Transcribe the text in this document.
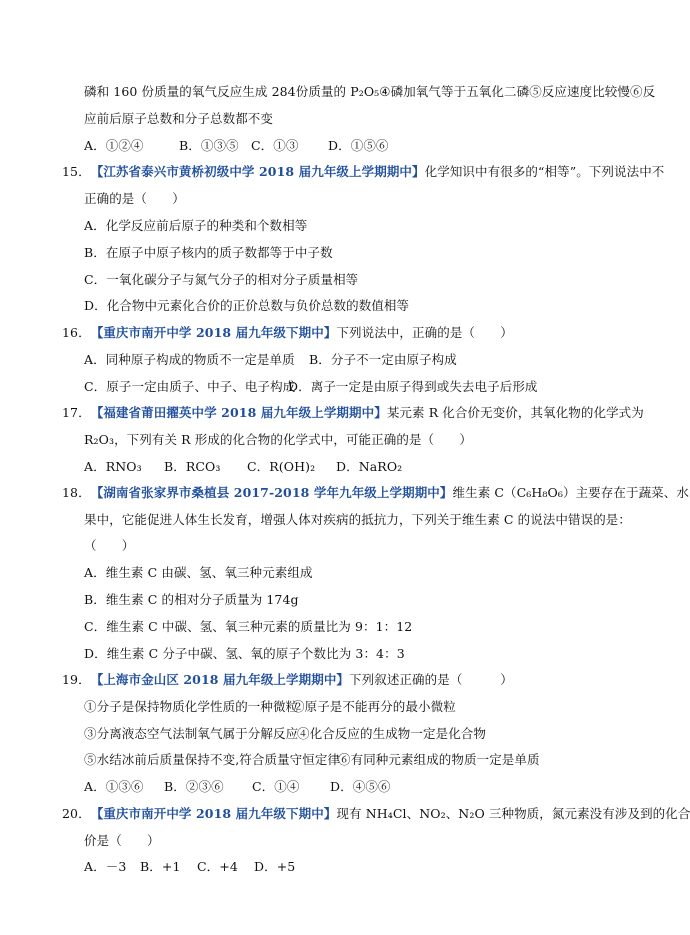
磷和 160 份质量的氧气反应生成 284份质量的 P₂O₅④磷加氧气等于五氧化二磷⑤反应速度比较慢⑥反
应前后原子总数和分子总数都不变
A．①②④	B．①③⑤ C．①③ D．①⑤⑥
15．【江苏省泰兴市黄桥初级中学 2018 届九年级上学期期中】化学知识中有很多的“相等”。下列说法中不
正确的是（　　）
A．化学反应前后原子的种类和个数相等
B．在原子中原子核内的质子数都等于中子数
C．一氧化碳分子与氮气分子的相对分子质量相等
D．化合物中元素化合价的正价总数与负价总数的数值相等
16．【重庆市南开中学 2018 届九年级下期中】下列说法中，正确的是（　　）
A．同种原子构成的物质不一定是单质 B．分子不一定由原子构成
C．原子一定由质子、中子、电子构成D．离子一定是由原子得到或失去电子后形成
17．【福建省莆田擢英中学 2018 届九年级上学期期中】某元素 R 化合价无变价，其氧化物的化学式为
R₂O₃，下列有关 R 形成的化合物的化学式中，可能正确的是（　　）
A．RNO₃ B．RCO₃ C．R(OH)₂ D．NaRO₂
18．【湖南省张家界市桑植县 2017-2018 学年九年级上学期期中】维生素 C（C₆H₈O₆）主要存在于蔬菜、水
果中，它能促进人体生长发育，增强人体对疾病的抵抗力，下列关于维生素 C 的说法中错误的是：
（　　）
A．维生素 C 由碳、氢、氧三种元素组成
B．维生素 C 的相对分子质量为 174g
C．维生素 C 中碳、氢、氧三种元素的质量比为 9：1：12
D．维生素 C 分子中碳、氢、氧的原子个数比为 3：4：3
19．【上海市金山区 2018 届九年级上学期期中】下列叙述正确的是（　　　）
①分子是保持物质化学性质的一种微粒②原子是不能再分的最小微粒
③分离液态空气法制氧气属于分解反应④化合反应的生成物一定是化合物
⑤水结冰前后质量保持不变,符合质量守恒定律⑥有同种元素组成的物质一定是单质
A．①③⑥ B．②③⑥ C．①④ D．④⑤⑥
20．【重庆市南开中学 2018 届九年级下期中】现有 NH₄Cl、NO₂、N₂O 三种物质，氮元素没有涉及到的化合
价是（　　）
A．－3 B．+1 C．+4 D．+5
